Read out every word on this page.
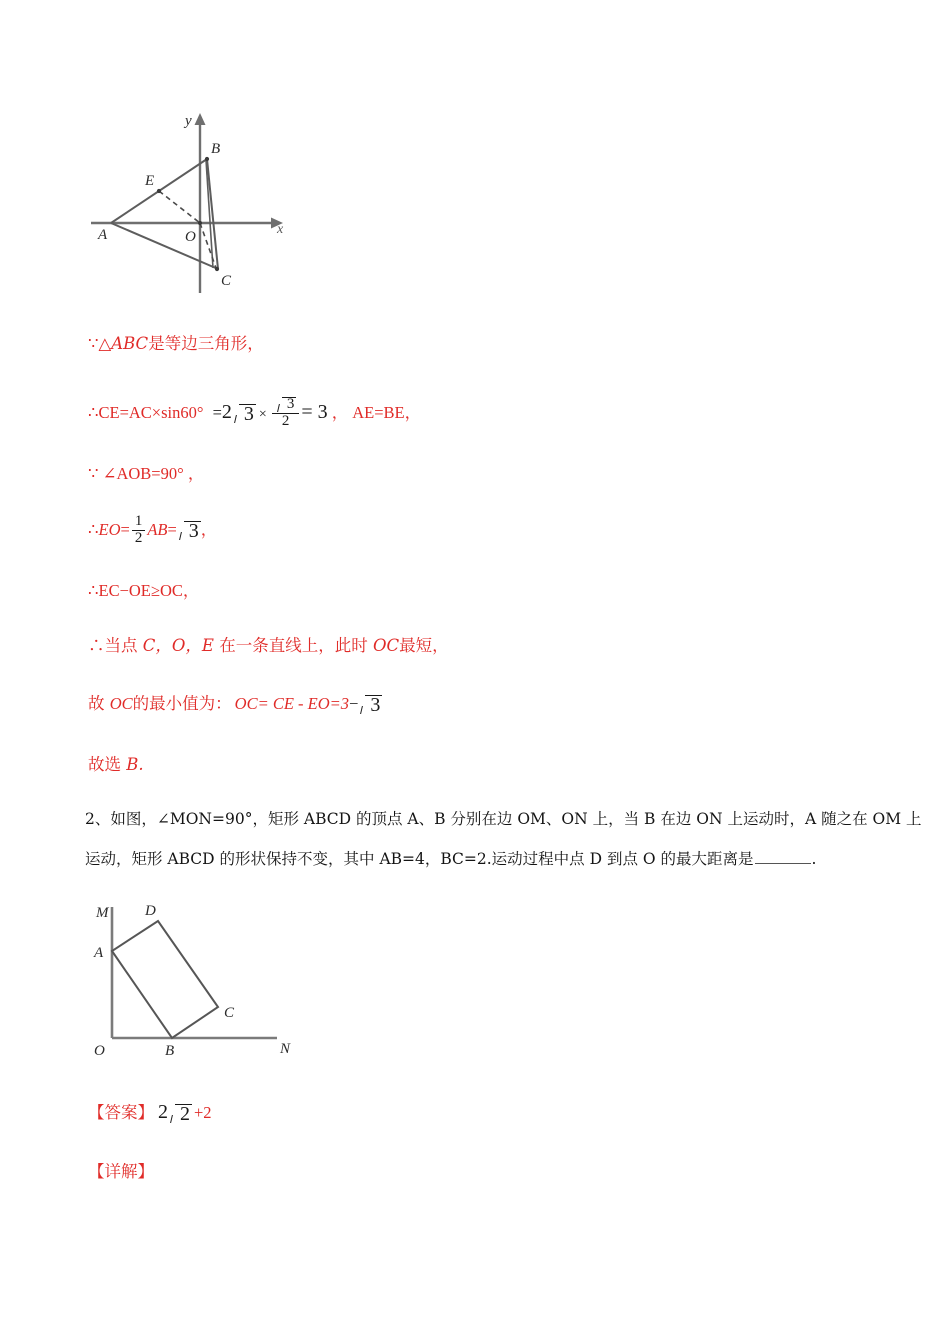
A
B
C
E
O	x
y
∵△ABC是等边三角形，
∴CE=AC×sin60° =2 $3 \times \frac{3}{2} = 3$ ， AE=BE，
∵ ∠AOB=90° ，
∴EO= $\frac{1}{2} AB= 3$ ，
∴EC−OE≥OC，
∴当点 C，O，E 在一条直线上，此时 OC最短，
故 OC的最小值为： OC= CE - EO=3− 3
故选 B.
2、如图，∠MON=90°，矩形 ABCD 的顶点 A、B 分别在边 OM、ON 上，当 B 在边 ON 上运动时，A 随之在 OM 上
运动，矩形 ABCD 的形状保持不变，其中 AB=4，BC=2.运动过程中点 D 到点 O 的最大距离是	.
M
N
O
A
B
C
D
【答案】 2 2 +2
【详解】
